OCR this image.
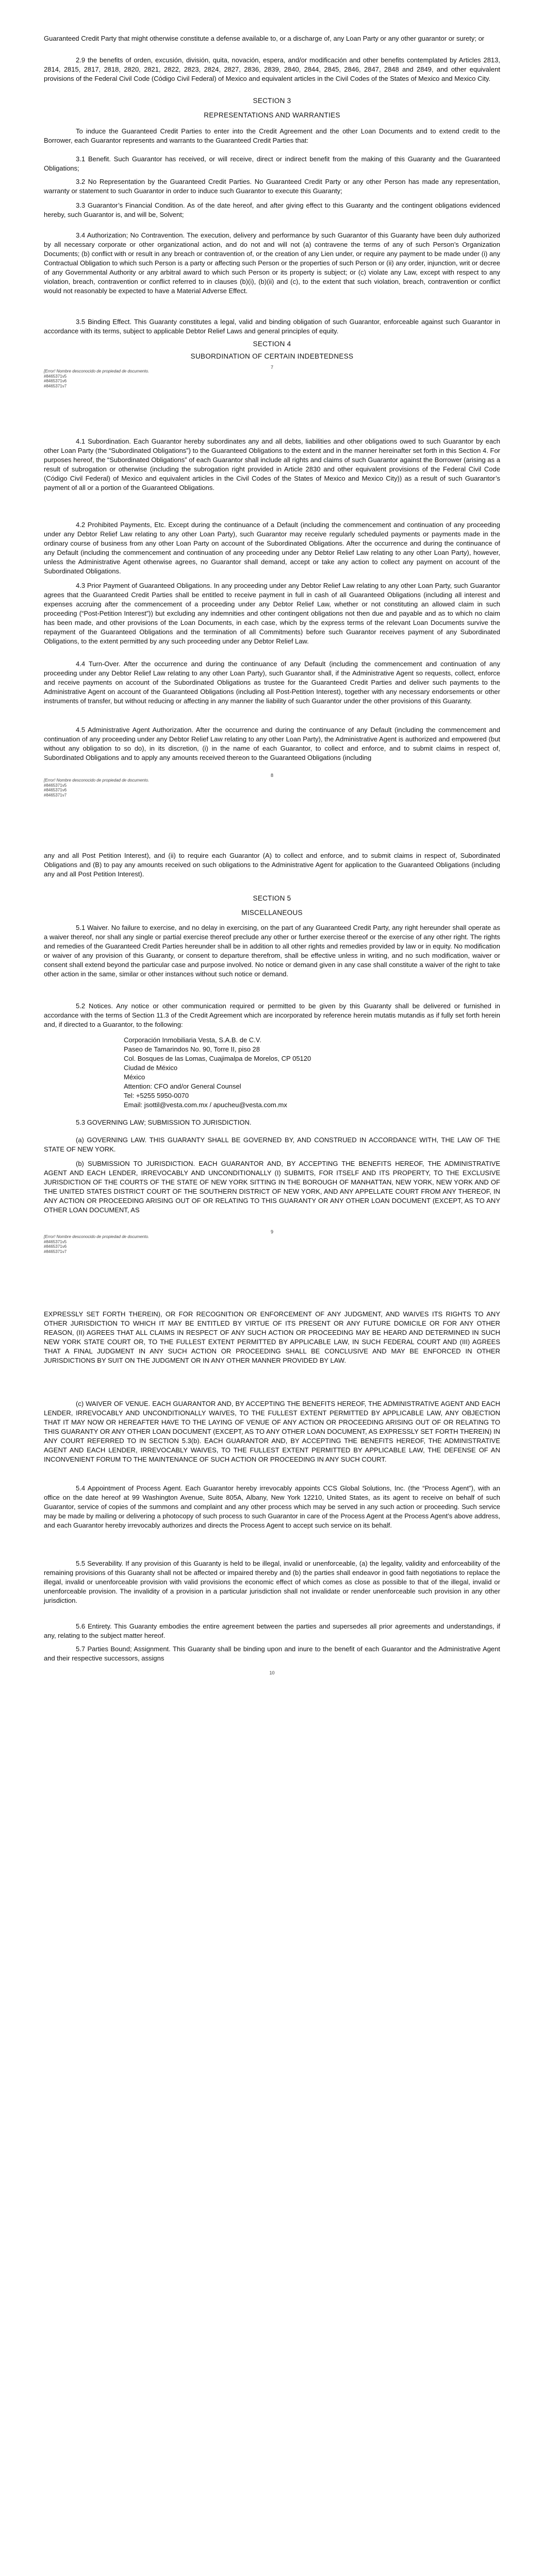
Guaranteed Credit Party that might otherwise constitute a defense available to, or a discharge of, any Loan Party or any other guarantor or surety; or

2.9 the benefits of orden, excusión, división, quita, novación, espera, and/or modificación and other benefits contemplated by Articles 2813, 2814, 2815, 2817, 2818, 2820, 2821, 2822, 2823, 2824, 2827, 2836, 2839, 2840, 2844, 2845, 2846, 2847, 2848 and 2849, and other equivalent provisions of the Federal Civil Code (Código Civil Federal) of Mexico and equivalent articles in the Civil Codes of the States of Mexico and Mexico City.

SECTION 3
REPRESENTATIONS AND WARRANTIES

To induce the Guaranteed Credit Parties to enter into the Credit Agreement and the other Loan Documents and to extend credit to the Borrower, each Guarantor represents and warrants to the Guaranteed Credit Parties that:

3.1 Benefit. Such Guarantor has received, or will receive, direct or indirect benefit from the making of this Guaranty and the Guaranteed Obligations;

3.2 No Representation by the Guaranteed Credit Parties. No Guaranteed Credit Party or any other Person has made any representation, warranty or statement to such Guarantor in order to induce such Guarantor to execute this Guaranty;

3.3 Guarantor’s Financial Condition. As of the date hereof, and after giving effect to this Guaranty and the contingent obligations evidenced hereby, such Guarantor is, and will be, Solvent;

3.4 Authorization; No Contravention. The execution, delivery and performance by such Guarantor of this Guaranty have been duly authorized by all necessary corporate or other organizational action, and do not and will not (a) contravene the terms of any of such Person’s Organization Documents; (b) conflict with or result in any breach or contravention of, or the creation of any Lien under, or require any payment to be made under (i) any Contractual Obligation to which such Person is a party or affecting such Person or the properties of such Person or (ii) any order, injunction, writ or decree of any Governmental Authority or any arbitral award to which such Person or its property is subject; or (c) violate any Law, except with respect to any violation, breach, contravention or conflict referred to in clauses (b)(i), (b)(ii) and (c), to the extent that such violation, breach, contravention or conflict would not reasonably be expected to have a Material Adverse Effect.

3.5 Binding Effect. This Guaranty constitutes a legal, valid and binding obligation of such Guarantor, enforceable against such Guarantor in accordance with its terms, subject to applicable Debtor Relief Laws and general principles of equity.

SECTION 4
SUBORDINATION OF CERTAIN INDEBTEDNESS
7
[Error! Nombre desconocido de propiedad de documento.
#8465371v5
#8465371v6
#8465371v7

4.1 Subordination. Each Guarantor hereby subordinates any and all debts, liabilities and other obligations owed to such Guarantor by each other Loan Party (the “Subordinated Obligations”) to the Guaranteed Obligations to the extent and in the manner hereinafter set forth in this Section 4. For purposes hereof, the “Subordinated Obligations” of each Guarantor shall include all rights and claims of such Guarantor against the Borrower (arising as a result of subrogation or otherwise (including the subrogation right provided in Article 2830 and other equivalent provisions of the Federal Civil Code (Código Civil Federal) of Mexico and equivalent articles in the Civil Codes of the States of Mexico and Mexico City)) as a result of such Guarantor’s payment of all or a portion of the Guaranteed Obligations.

4.2 Prohibited Payments, Etc. Except during the continuance of a Default (including the commencement and continuation of any proceeding under any Debtor Relief Law relating to any other Loan Party), such Guarantor may receive regularly scheduled payments or payments made in the ordinary course of business from any other Loan Party on account of the Subordinated Obligations. After the occurrence and during the continuance of any Default (including the commencement and continuation of any proceeding under any Debtor Relief Law relating to any other Loan Party), however, unless the Administrative Agent otherwise agrees, no Guarantor shall demand, accept or take any action to collect any payment on account of the Subordinated Obligations.

4.3 Prior Payment of Guaranteed Obligations. In any proceeding under any Debtor Relief Law relating to any other Loan Party, such Guarantor agrees that the Guaranteed Credit Parties shall be entitled to receive payment in full in cash of all Guaranteed Obligations (including all interest and expenses accruing after the commencement of a proceeding under any Debtor Relief Law, whether or not constituting an allowed claim in such proceeding (“Post-Petition Interest”)) but excluding any indemnities and other contingent obligations not then due and payable and as to which no claim has been made, and other provisions of the Loan Documents, in each case, which by the express terms of the relevant Loan Documents survive the repayment of the Guaranteed Obligations and the termination of all Commitments) before such Guarantor receives payment of any Subordinated Obligations, to the extent permitted by any such proceeding under any Debtor Relief Law.

4.4 Turn-Over. After the occurrence and during the continuance of any Default (including the commencement and continuation of any proceeding under any Debtor Relief Law relating to any other Loan Party), such Guarantor shall, if the Administrative Agent so requests, collect, enforce and receive payments on account of the Subordinated Obligations as trustee for the Guaranteed Credit Parties and deliver such payments to the Administrative Agent on account of the Guaranteed Obligations (including all Post-Petition Interest), together with any necessary endorsements or other instruments of transfer, but without reducing or affecting in any manner the liability of such Guarantor under the other provisions of this Guaranty.

4.5 Administrative Agent Authorization. After the occurrence and during the continuance of any Default (including the commencement and continuation of any proceeding under any Debtor Relief Law relating to any other Loan Party), the Administrative Agent is authorized and empowered (but without any obligation to so do), in its discretion, (i) in the name of each Guarantor, to collect and enforce, and to submit claims in respect of, Subordinated Obligations and to apply any amounts received thereon to the Guaranteed Obligations (including

8
[Error! Nombre desconocido de propiedad de documento.
#8465371v5
#8465371v6
#8465371v7

any and all Post Petition Interest), and (ii) to require each Guarantor (A) to collect and enforce, and to submit claims in respect of, Subordinated Obligations and (B) to pay any amounts received on such obligations to the Administrative Agent for application to the Guaranteed Obligations (including any and all Post Petition Interest).

SECTION 5
MISCELLANEOUS

5.1 Waiver. No failure to exercise, and no delay in exercising, on the part of any Guaranteed Credit Party, any right hereunder shall operate as a waiver thereof, nor shall any single or partial exercise thereof preclude any other or further exercise thereof or the exercise of any other right. The rights and remedies of the Guaranteed Credit Parties hereunder shall be in addition to all other rights and remedies provided by law or in equity. No modification or waiver of any provision of this Guaranty, or consent to departure therefrom, shall be effective unless in writing, and no such modification, waiver or consent shall extend beyond the particular case and purpose involved. No notice or demand given in any case shall constitute a waiver of the right to take other action in the same, similar or other instances without such notice or demand.

5.2 Notices. Any notice or other communication required or permitted to be given by this Guaranty shall be delivered or furnished in accordance with the terms of Section 11.3 of the Credit Agreement which are incorporated by reference herein mutatis mutandis as if fully set forth herein and, if directed to a Guarantor, to the following:

Corporación Inmobiliaria Vesta, S.A.B. de C.V.
Paseo de Tamarindos No. 90, Torre II, piso 28
Col. Bosques de las Lomas, Cuajimalpa de Morelos, CP 05120
Ciudad de México
México
Attention: CFO and/or General Counsel
Tel: +5255 5950-0070
Email: jsottil@vesta.com.mx / apucheu@vesta.com.mx

5.3 GOVERNING LAW; SUBMISSION TO JURISDICTION.

(a) GOVERNING LAW. THIS GUARANTY SHALL BE GOVERNED BY, AND CONSTRUED IN ACCORDANCE WITH, THE LAW OF THE STATE OF NEW YORK.

(b) SUBMISSION TO JURISDICTION. EACH GUARANTOR AND, BY ACCEPTING THE BENEFITS HEREOF, THE ADMINISTRATIVE AGENT AND EACH LENDER, IRREVOCABLY AND UNCONDITIONALLY (I) SUBMITS, FOR ITSELF AND ITS PROPERTY, TO THE EXCLUSIVE JURISDICTION OF THE COURTS OF THE STATE OF NEW YORK SITTING IN THE BOROUGH OF MANHATTAN, NEW YORK, NEW YORK AND OF THE UNITED STATES DISTRICT COURT OF THE SOUTHERN DISTRICT OF NEW YORK, AND ANY APPELLATE COURT FROM ANY THEREOF, IN ANY ACTION OR PROCEEDING ARISING OUT OF OR RELATING TO THIS GUARANTY OR ANY OTHER LOAN DOCUMENT (EXCEPT, AS TO ANY OTHER LOAN DOCUMENT, AS

9
[Error! Nombre desconocido de propiedad de documento.
#8465371v5
#8465371v6
#8465371v7

EXPRESSLY SET FORTH THEREIN), OR FOR RECOGNITION OR ENFORCEMENT OF ANY JUDGMENT, AND WAIVES ITS RIGHTS TO ANY OTHER JURISDICTION TO WHICH IT MAY BE ENTITLED BY VIRTUE OF ITS PRESENT OR ANY FUTURE DOMICILE OR FOR ANY OTHER REASON, (II) AGREES THAT ALL CLAIMS IN RESPECT OF ANY SUCH ACTION OR PROCEEDING MAY BE HEARD AND DETERMINED IN SUCH NEW YORK STATE COURT OR, TO THE FULLEST EXTENT PERMITTED BY APPLICABLE LAW, IN SUCH FEDERAL COURT AND (III) AGREES THAT A FINAL JUDGMENT IN ANY SUCH ACTION OR PROCEEDING SHALL BE CONCLUSIVE AND MAY BE ENFORCED IN OTHER JURISDICTIONS BY SUIT ON THE JUDGMENT OR IN ANY OTHER MANNER PROVIDED BY LAW.

(c) WAIVER OF VENUE. EACH GUARANTOR AND, BY ACCEPTING THE BENEFITS HEREOF, THE ADMINISTRATIVE AGENT AND EACH LENDER, IRREVOCABLY AND UNCONDITIONALLY WAIVES, TO THE FULLEST EXTENT PERMITTED BY APPLICABLE LAW, ANY OBJECTION THAT IT MAY NOW OR HEREAFTER HAVE TO THE LAYING OF VENUE OF ANY ACTION OR PROCEEDING ARISING OUT OF OR RELATING TO THIS GUARANTY OR ANY OTHER LOAN DOCUMENT (EXCEPT, AS TO ANY OTHER LOAN DOCUMENT, AS EXPRESSLY SET FORTH THEREIN) IN ANY COURT REFERRED TO IN SECTION 5.3(b). EACH GUARANTOR AND, BY ACCEPTING THE BENEFITS HEREOF, THE ADMINISTRATIVE AGENT AND EACH LENDER, IRREVOCABLY WAIVES, TO THE FULLEST EXTENT PERMITTED BY APPLICABLE LAW, THE DEFENSE OF AN INCONVENIENT FORUM TO THE MAINTENANCE OF SUCH ACTION OR PROCEEDING IN ANY SUCH COURT.

5.4 Appointment of Process Agent. Each Guarantor hereby irrevocably appoints CCS Global Solutions, Inc. (the “Process Agent”), with an office on the date hereof at 99 Washington Avenue, Suite 805A, Albany, New York 12210, United States, as its agent to receive on behalf of such Guarantor, service of copies of the summons and complaint and any other process which may be served in any such action or proceeding. Such service may be made by mailing or delivering a photocopy of such process to such Guarantor in care of the Process Agent at the Process Agent’s above address, and each Guarantor hereby irrevocably authorizes and directs the Process Agent to accept such service on its behalf.

5.5 Severability. If any provision of this Guaranty is held to be illegal, invalid or unenforceable, (a) the legality, validity and enforceability of the remaining provisions of this Guaranty shall not be affected or impaired thereby and (b) the parties shall endeavor in good faith negotiations to replace the illegal, invalid or unenforceable provision with valid provisions the economic effect of which comes as close as possible to that of the illegal, invalid or unenforceable provision. The invalidity of a provision in a particular jurisdiction shall not invalidate or render unenforceable such provision in any other jurisdiction.

5.6 Entirety. This Guaranty embodies the entire agreement between the parties and supersedes all prior agreements and understandings, if any, relating to the subject matter hereof.

5.7 Parties Bound; Assignment. This Guaranty shall be binding upon and inure to the benefit of each Guarantor and the Administrative Agent and their respective successors, assigns

10
